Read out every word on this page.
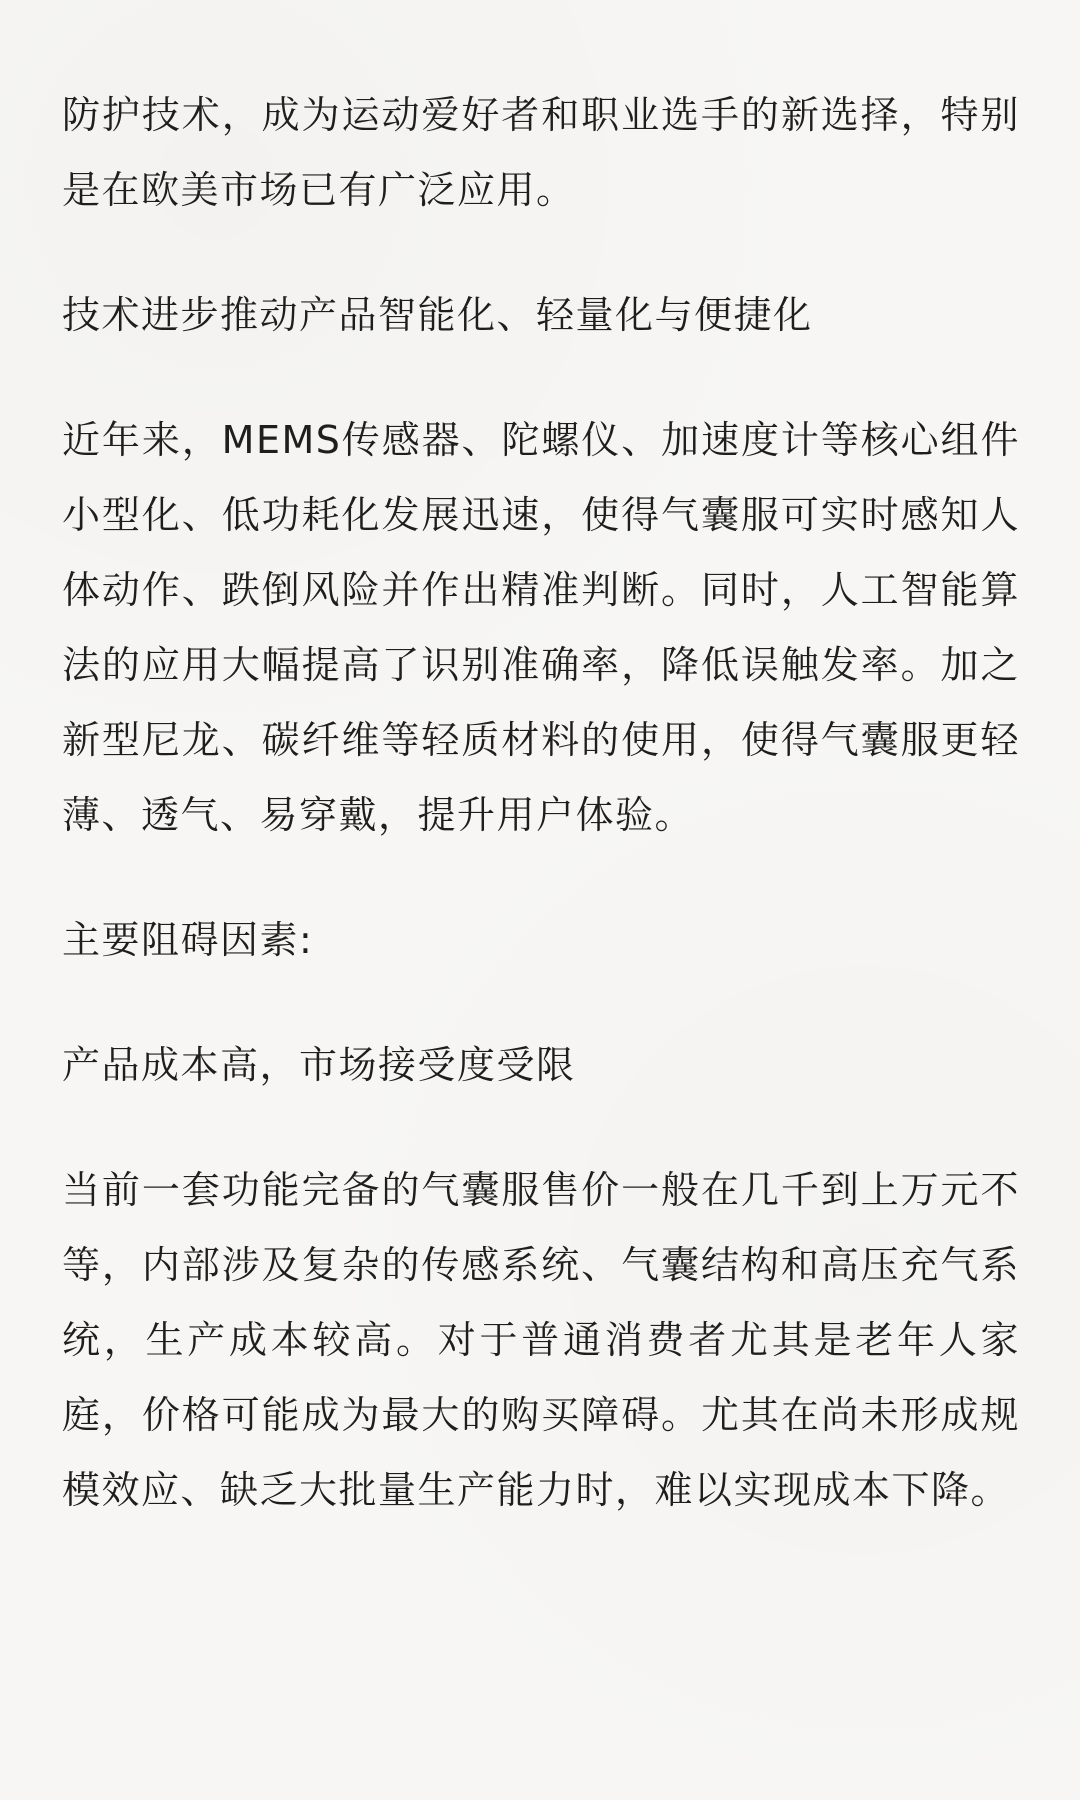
防护技术，成为运动爱好者和职业选手的新选择，特别是在欧美市场已有广泛应用。

技术进步推动产品智能化、轻量化与便捷化

近年来，MEMS传感器、陀螺仪、加速度计等核心组件小型化、低功耗化发展迅速，使得气囊服可实时感知人体动作、跌倒风险并作出精准判断。同时，人工智能算法的应用大幅提高了识别准确率，降低误触发率。加之新型尼龙、碳纤维等轻质材料的使用，使得气囊服更轻薄、透气、易穿戴，提升用户体验。

主要阻碍因素:

产品成本高，市场接受度受限

当前一套功能完备的气囊服售价一般在几千到上万元不等，内部涉及复杂的传感系统、气囊结构和高压充气系统，生产成本较高。对于普通消费者尤其是老年人家庭，价格可能成为最大的购买障碍。尤其在尚未形成规模效应、缺乏大批量生产能力时，难以实现成本下降。
